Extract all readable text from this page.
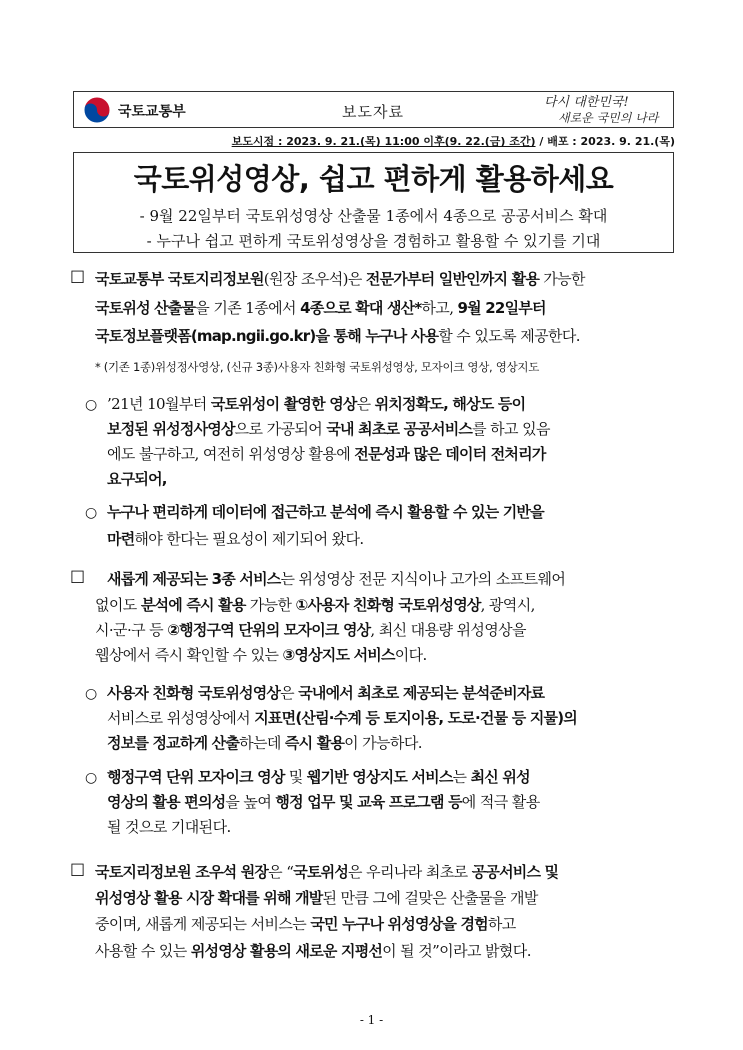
국토교통부	보도자료
다시 대한민국!
새로운 국민의 나라
보도시점 : 2023. 9. 21.(목) 11:00 이후(9. 22.(금) 조간) / 배포 : 2023. 9. 21.(목)
국토위성영상, 쉽고 편하게 활용하세요
- 9월 22일부터 국토위성영상 산출물 1종에서 4종으로 공공서비스 확대
- 누구나 쉽고 편하게 국토위성영상을 경험하고 활용할 수 있기를 기대
□ 국토교통부 국토지리정보원(원장 조우석)은 전문가부터 일반인까지 활용 가능한
국토위성 산출물을 기존 1종에서 4종으로 확대 생산*하고, 9월 22일부터
국토정보플랫폼(map.ngii.go.kr)을 통해 누구나 사용할 수 있도록 제공한다.
* (기존 1종)위성정사영상, (신규 3종)사용자 친화형 국토위성영상, 모자이크 영상, 영상지도
○ ’21년 10월부터 국토위성이 촬영한 영상은 위치정확도, 해상도 등이
보정된 위성정사영상으로 가공되어 국내 최초로 공공서비스를 하고 있음
에도 불구하고, 여전히 위성영상 활용에 전문성과 많은 데이터 전처리가
요구되어,
○ 누구나 편리하게 데이터에 접근하고 분석에 즉시 활용할 수 있는 기반을
마련해야 한다는 필요성이 제기되어 왔다.
□ 새롭게 제공되는 3종 서비스는 위성영상 전문 지식이나 고가의 소프트웨어
없이도 분석에 즉시 활용 가능한 ①사용자 친화형 국토위성영상, 광역시,
시·군·구 등 ②행정구역 단위의 모자이크 영상, 최신 대용량 위성영상을
웹상에서 즉시 확인할 수 있는 ③영상지도 서비스이다.
○ 사용자 친화형 국토위성영상은 국내에서 최초로 제공되는 분석준비자료
서비스로 위성영상에서 지표면(산림·수계 등 토지이용, 도로·건물 등 지물)의
정보를 정교하게 산출하는데 즉시 활용이 가능하다.
○ 행정구역 단위 모자이크 영상 및 웹기반 영상지도 서비스는 최신 위성
영상의 활용 편의성을 높여 행정 업무 및 교육 프로그램 등에 적극 활용
될 것으로 기대된다.
□ 국토지리정보원 조우석 원장은 “국토위성은 우리나라 최초로 공공서비스 및
위성영상 활용 시장 확대를 위해 개발된 만큼 그에 걸맞은 산출물을 개발
중이며, 새롭게 제공되는 서비스는 국민 누구나 위성영상을 경험하고
사용할 수 있는 위성영상 활용의 새로운 지평선이 될 것”이라고 밝혔다.
- 1 -
